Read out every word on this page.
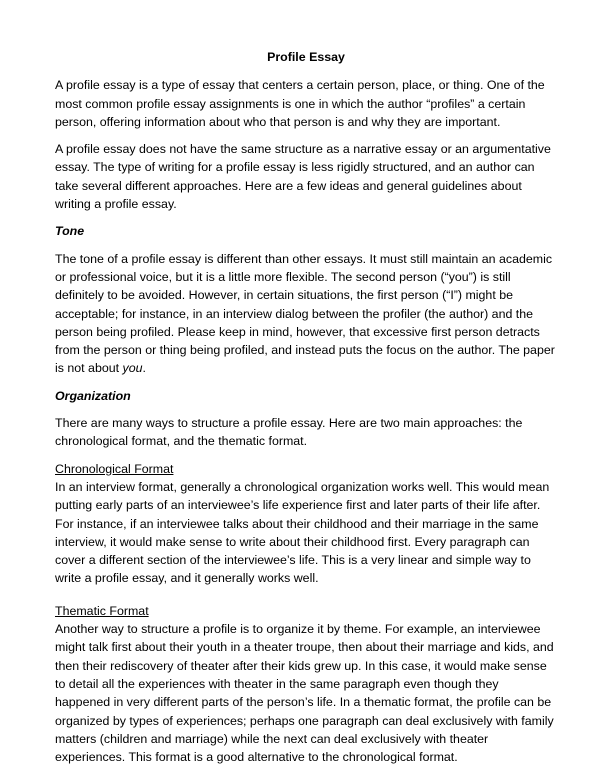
Profile Essay

A profile essay is a type of essay that centers a certain person, place, or thing. One of the most common profile essay assignments is one in which the author “profiles” a certain person, offering information about who that person is and why they are important.

A profile essay does not have the same structure as a narrative essay or an argumentative essay. The type of writing for a profile essay is less rigidly structured, and an author can take several different approaches. Here are a few ideas and general guidelines about writing a profile essay.

Tone

The tone of a profile essay is different than other essays. It must still maintain an academic or professional voice, but it is a little more flexible. The second person (“you”) is still definitely to be avoided. However, in certain situations, the first person (“I”) might be acceptable; for instance, in an interview dialog between the profiler (the author) and the person being profiled. Please keep in mind, however, that excessive first person detracts from the person or thing being profiled, and instead puts the focus on the author. The paper is not about you.

Organization

There are many ways to structure a profile essay. Here are two main approaches: the chronological format, and the thematic format.

Chronological Format

In an interview format, generally a chronological organization works well. This would mean putting early parts of an interviewee’s life experience first and later parts of their life after. For instance, if an interviewee talks about their childhood and their marriage in the same interview, it would make sense to write about their childhood first. Every paragraph can cover a different section of the interviewee’s life. This is a very linear and simple way to write a profile essay, and it generally works well.

Thematic Format

Another way to structure a profile is to organize it by theme. For example, an interviewee might talk first about their youth in a theater troupe, then about their marriage and kids, and then their rediscovery of theater after their kids grew up. In this case, it would make sense to detail all the experiences with theater in the same paragraph even though they happened in very different parts of the person’s life. In a thematic format, the profile can be organized by types of experiences; perhaps one paragraph can deal exclusively with family matters (children and marriage) while the next can deal exclusively with theater experiences. This format is a good alternative to the chronological format.
